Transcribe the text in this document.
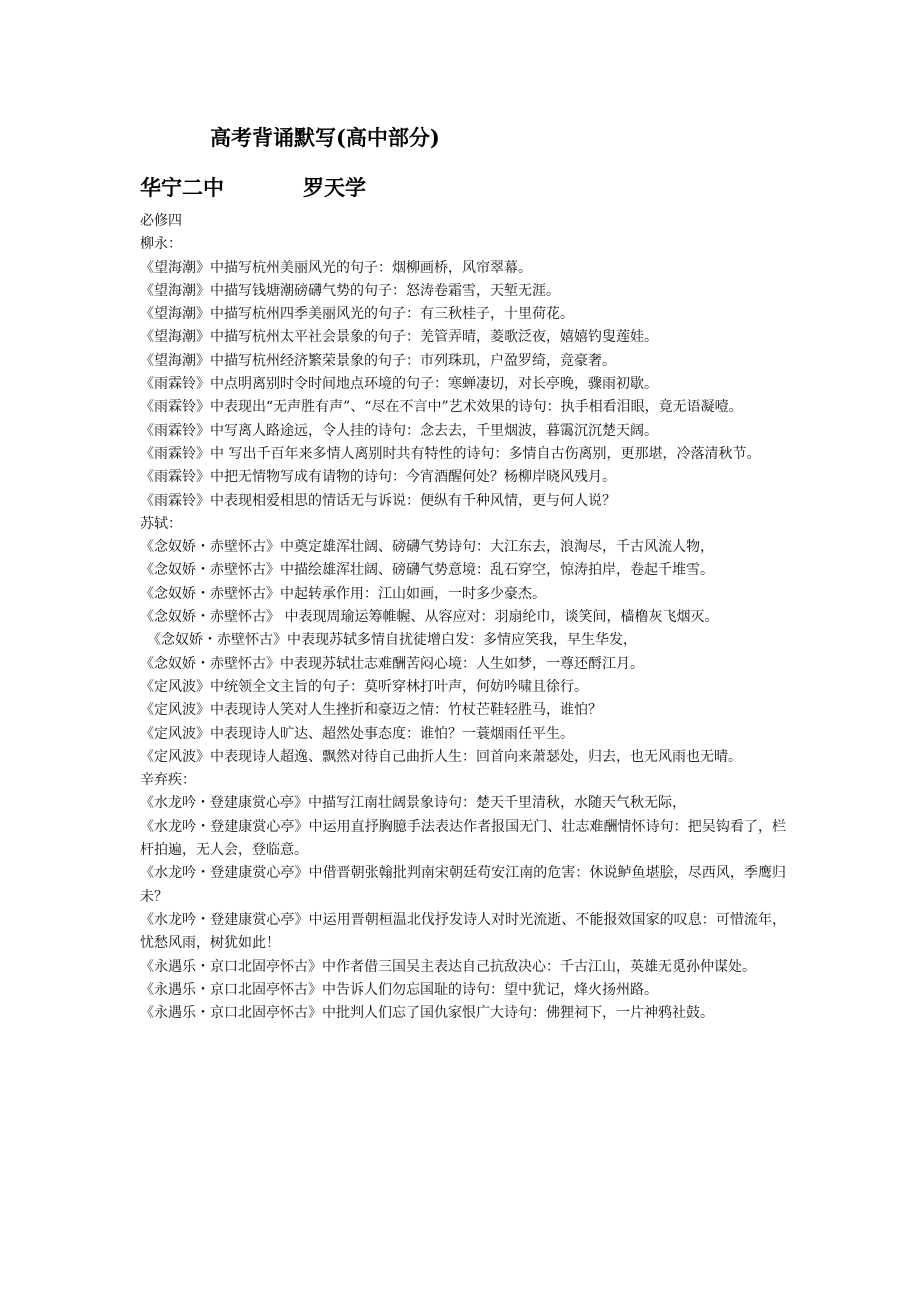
高考背诵默写(高中部分)
华宁二中	罗天学

必修四

柳永：

《望海潮》中描写杭州美丽风光的句子：烟柳画桥，风帘翠幕。

《望海潮》中描写钱塘潮磅礴气势的句子：怒涛卷霜雪，天堑无涯。

《望海潮》中描写杭州四季美丽风光的句子：有三秋桂子，十里荷花。

《望海潮》中描写杭州太平社会景象的句子：羌管弄晴，菱歌泛夜，嬉嬉钓叟莲娃。

《望海潮》中描写杭州经济繁荣景象的句子：市列珠玑，户盈罗绮，竞豪奢。

《雨霖铃》中点明离别时令时间地点环境的句子：寒蝉凄切，对长亭晚，骤雨初歇。

《雨霖铃》中表现出“无声胜有声”、“尽在不言中”艺术效果的诗句：执手相看泪眼，竟无语凝噎。

《雨霖铃》中写离人路途远，令人挂的诗句：念去去，千里烟波，暮霭沉沉楚天阔。

《雨霖铃》中 写出千百年来多情人离别时共有特性的诗句：多情自古伤离别，更那堪，冷落清秋节。

《雨霖铃》中把无情物写成有请物的诗句：今宵酒醒何处？杨柳岸晓风残月。

《雨霖铃》中表现相爱相思的情话无与诉说：便纵有千种风情，更与何人说？

苏轼：

《念奴娇・赤壁怀古》中奠定雄浑壮阔、磅礴气势诗句：大江东去，浪淘尽，千古风流人物，

《念奴娇・赤壁怀古》中描绘雄浑壮阔、磅礴气势意境：乱石穿空，惊涛拍岸，卷起千堆雪。

《念奴娇・赤壁怀古》中起转承作用：江山如画，一时多少豪杰。

《念奴娇・赤壁怀古》 中表现周瑜运筹帷幄、从容应对：羽扇纶巾，谈笑间，樯橹灰飞烟灭。

《念奴娇・赤壁怀古》中表现苏轼多情自扰徒增白发：多情应笑我，早生华发，

《念奴娇・赤壁怀古》中表现苏轼壮志难酬苦闷心境：人生如梦，一尊还酹江月。

《定风波》中统领全文主旨的句子：莫听穿林打叶声，何妨吟啸且徐行。

《定风波》中表现诗人笑对人生挫折和豪迈之情：竹杖芒鞋轻胜马，谁怕？

《定风波》中表现诗人旷达、超然处事态度：谁怕？一蓑烟雨任平生。

《定风波》中表现诗人超逸、飘然对待自己曲折人生：回首向来萧瑟处，归去，也无风雨也无晴。

辛弃疾：

《水龙吟・登建康赏心亭》中描写江南壮阔景象诗句：楚天千里清秋，水随天气秋无际，

《水龙吟・登建康赏心亭》中运用直抒胸臆手法表达作者报国无门、壮志难酬情怀诗句：把吴钩看了，栏杆拍遍，无人会，登临意。

《水龙吟・登建康赏心亭》中借晋朝张翰批判南宋朝廷苟安江南的危害：休说鲈鱼堪脍，尽西风，季鹰归未？

《水龙吟・登建康赏心亭》中运用晋朝桓温北伐抒发诗人对时光流逝、不能报效国家的叹息：可惜流年，忧愁风雨，树犹如此！

《永遇乐・京口北固亭怀古》中作者借三国吴主表达自己抗敌决心：千古江山，英雄无觅孙仲谋处。

《永遇乐・京口北固亭怀古》中告诉人们勿忘国耻的诗句：望中犹记，烽火扬州路。

《永遇乐・京口北固亭怀古》中批判人们忘了国仇家恨广大诗句：佛狸祠下，一片神鸦社鼓。
